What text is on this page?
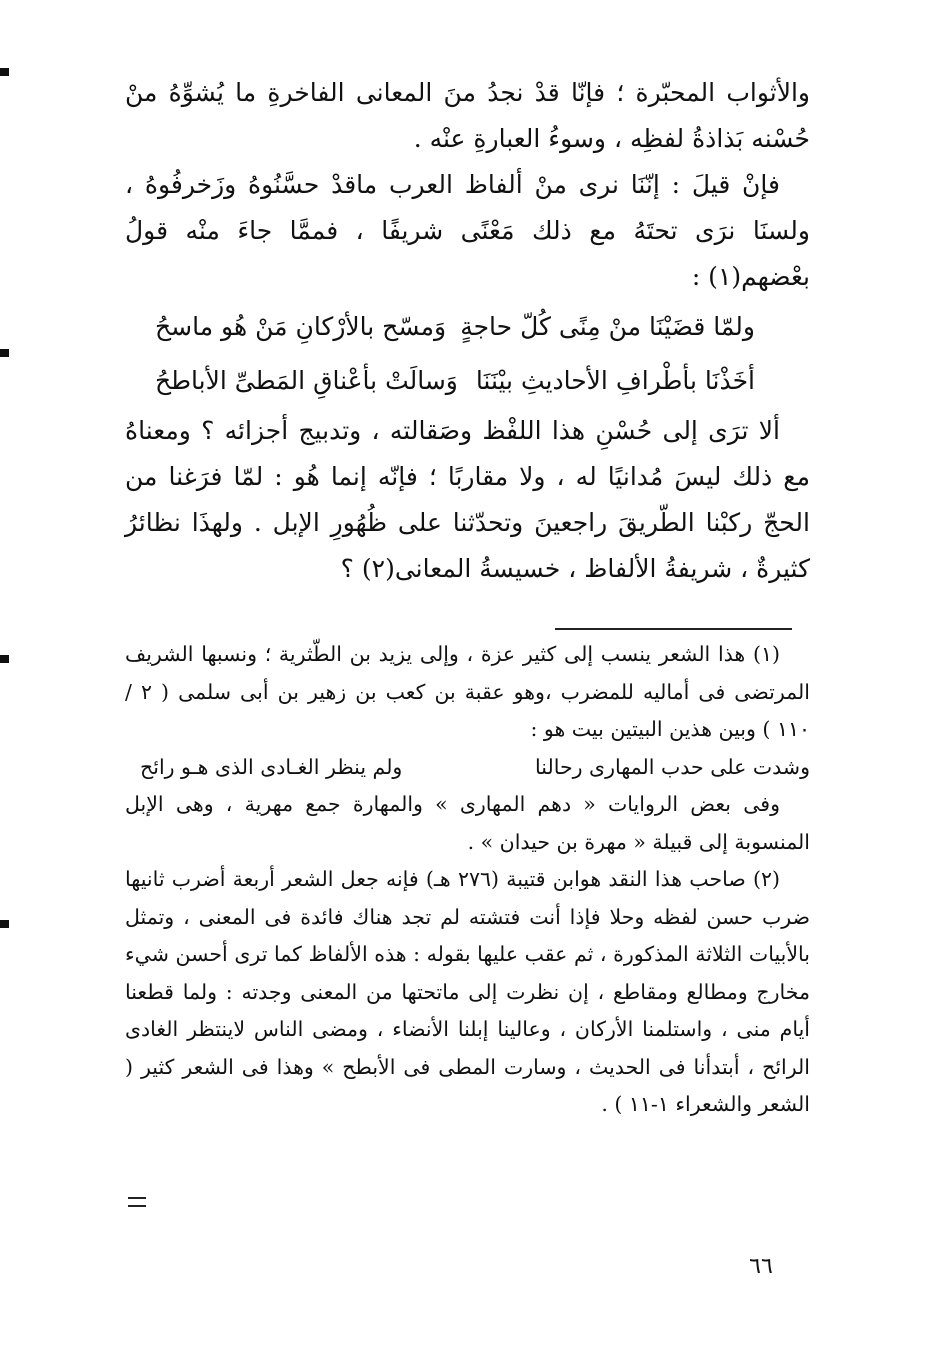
والأثواب المحبّرة ؛ فإنّا قدْ نجدُ منَ المعانى الفاخرةِ ما يُشوِّهُ منْ حُسْنه بَذاذةُ لفظِه ، وسوءُ العبارةِ عنْه .

فإنْ قيلَ : إنّنَا نرى منْ ألفاظ العرب ماقدْ حسَّنُوهُ وزَخرفُوهُ ، ولسنَا نرَى تحتَهُ مع ذلك مَعْنًى شريفًا ، فممَّا جاءَ منْه قولُ بعْضهم(١) :

ولمّا قضَيْنَا منْ مِنًى كُلّ حاجةٍ
وَمسّح بالأرْكانِ مَنْ هُو ماسحُ
أخَذْنَا بأطْرافِ الأحاديثِ بيْنَنَا
وَسالَتْ بأعْناقِ المَطىِّ الأباطحُ

ألا ترَى إلى حُسْنِ هذا اللفْظ وصَقالته ، وتدبيج أجزائه ؟ ومعناهُ مع ذلك ليسَ مُدانيًا له ، ولا مقاربًا ؛ فإنّه إنما هُو : لمّا فرَغنا من الحجّ ركبْنا الطّريقَ راجعينَ وتحدّثنا على ظُهُورِ الإبل . ولهذَا نظائرُ كثيرةٌ ، شريفةُ الألفاظ ، خسيسةُ المعانى(٢) ؟

(١) هذا الشعر ينسب إلى كثير عزة ، وإلى يزيد بن الطّثرية ؛ ونسبها الشريف المرتضى فى أماليه للمضرب ،وهو عقبة بن كعب بن زهير بن أبى سلمى ( ٢ / ١١٠ ) وبين هذين البيتين بيت هو :

وشدت على حدب المهارى رحالنا
ولم ينظر الغـادى الذى هـو رائح

وفى بعض الروايات « دهم المهارى » والمهارة جمع مهرية ، وهى الإبل المنسوبة إلى قبيلة « مهرة بن حيدان » .

(٢) صاحب هذا النقد هوابن قتيبة (٢٧٦ هـ) فإنه جعل الشعر أربعة أضرب ثانيها ضرب حسن لفظه وحلا فإذا أنت فتشته لم تجد هناك فائدة فى المعنى ، وتمثل بالأبيات الثلاثة المذكورة ، ثم عقب عليها بقوله : هذه الألفاظ كما ترى أحسن شيء مخارج ومطالع ومقاطع ، إن نظرت إلى ماتحتها من المعنى وجدته : ولما قطعنا أيام منى ، واستلمنا الأركان ، وعالينا إبلنا الأنضاء ، ومضى الناس لاينتظر الغادى الرائح ، أبتدأنا فى الحديث ، وسارت المطى فى الأبطح » وهذا فى الشعر كثير ( الشعر والشعراء ١-١١ ) .

٦٦
